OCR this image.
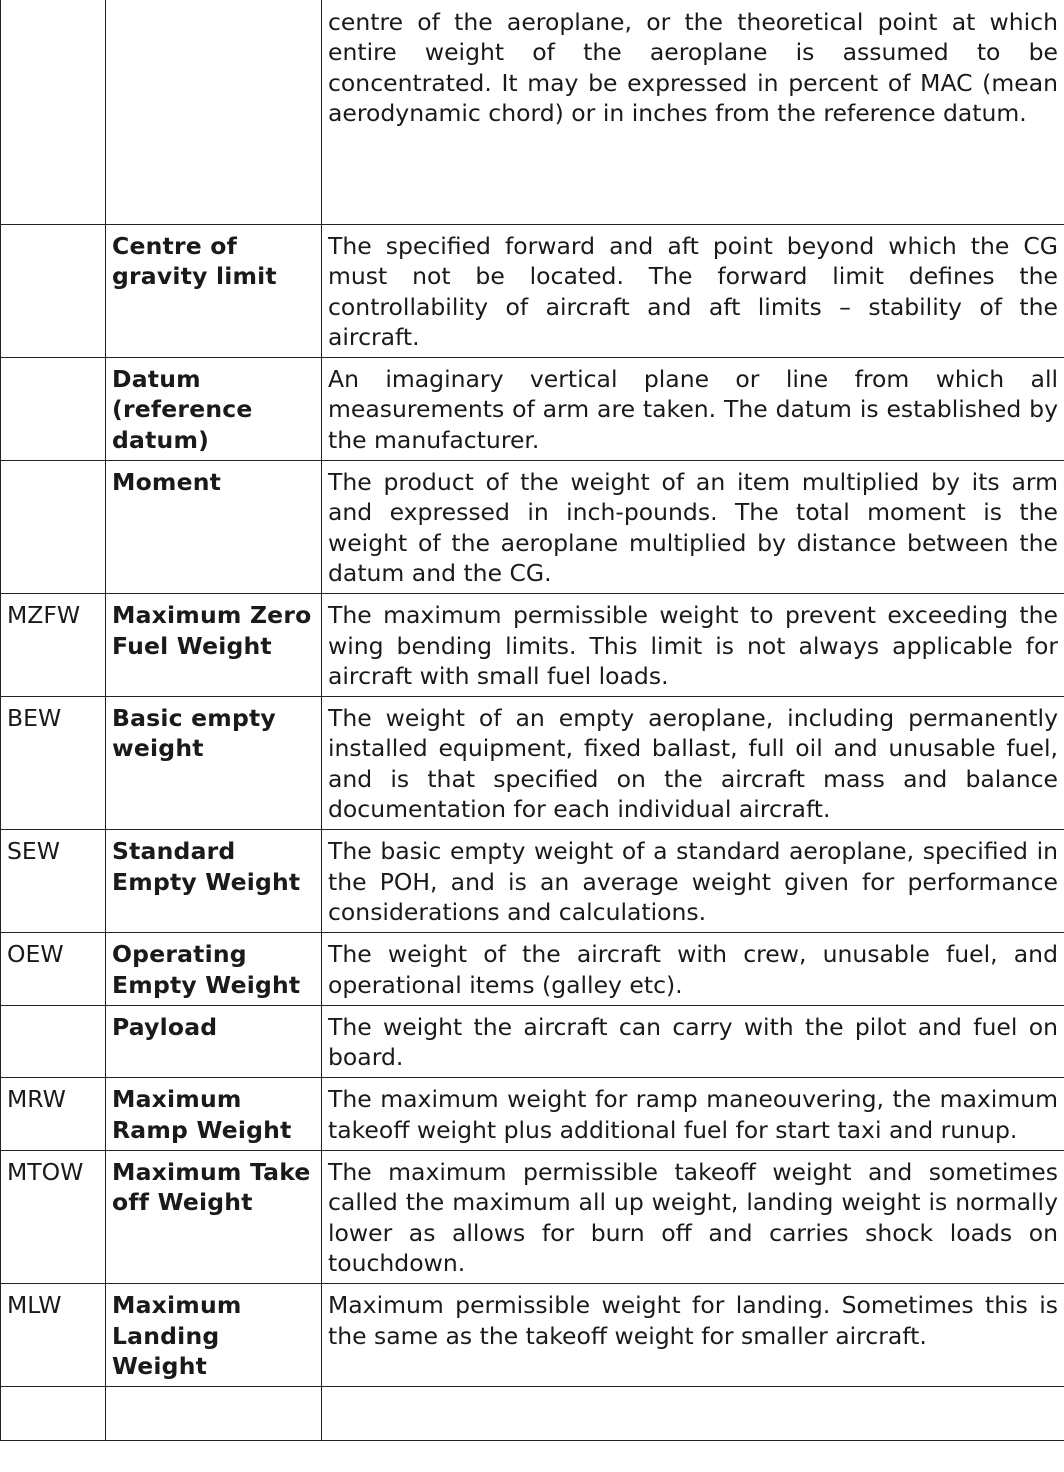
		centre of the aeroplane, or the theoretical point at which entire weight of the aeroplane is assumed to be concentrated. It may be expressed in percent of MAC (mean aerodynamic chord) or in inches from the reference datum.
	Centre of gravity limit	The specified forward and aft point beyond which the CG must not be located. The forward limit defines the controllability of aircraft and aft limits – stability of the aircraft.
	Datum (reference datum)	An imaginary vertical plane or line from which all measurements of arm are taken. The datum is established by the manufacturer.
	Moment	The product of the weight of an item multiplied by its arm and expressed in inch-pounds. The total moment is the weight of the aeroplane multiplied by distance between the datum and the CG.
MZFW	Maximum Zero Fuel Weight	The maximum permissible weight to prevent exceeding the wing bending limits. This limit is not always applicable for aircraft with small fuel loads.
BEW	Basic empty weight	The weight of an empty aeroplane, including permanently installed equipment, fixed ballast, full oil and unusable fuel, and is that specified on the aircraft mass and balance documentation for each individual aircraft.
SEW	Standard Empty Weight	The basic empty weight of a standard aeroplane, specified in the POH, and is an average weight given for performance considerations and calculations.
OEW	Operating Empty Weight	The weight of the aircraft with crew, unusable fuel, and operational items (galley etc).
	Payload	The weight the aircraft can carry with the pilot and fuel on board.
MRW	Maximum Ramp Weight	The maximum weight for ramp maneouvering, the maximum takeoff weight plus additional fuel for start taxi and runup.
MTOW	Maximum Take off Weight	The maximum permissible takeoff weight and sometimes called the maximum all up weight, landing weight is normally lower as allows for burn off and carries shock loads on touchdown.
MLW	Maximum Landing Weight	Maximum permissible weight for landing. Sometimes this is the same as the takeoff weight for smaller aircraft.
